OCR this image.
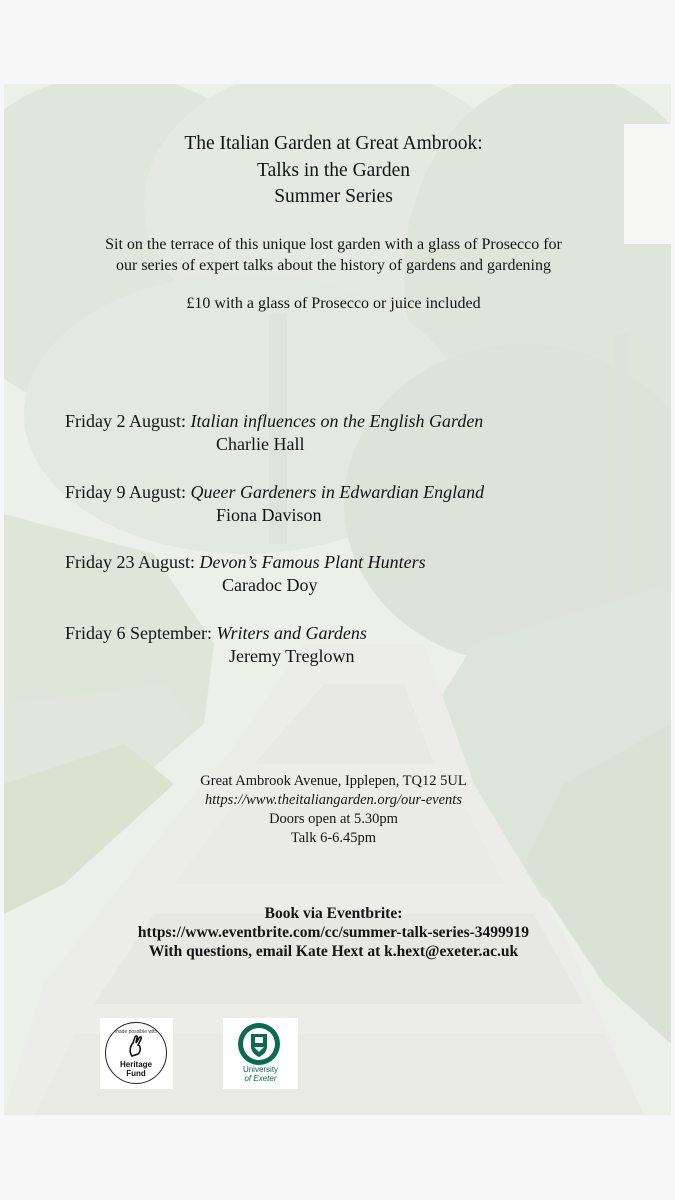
The Italian Garden at Great Ambrook:
Talks in the Garden
Summer Series
Sit on the terrace of this unique lost garden with a glass of Prosecco for
our series of expert talks about the history of gardens and gardening
£10 with a glass of Prosecco or juice included
Friday 2 August: Italian influences on the English Garden
Charlie Hall
Friday 9 August: Queer Gardeners in Edwardian England
Fiona Davison
Friday 23 August: Devon’s Famous Plant Hunters
Caradoc Doy
Friday 6 September: Writers and Gardens
Jeremy Treglown
Great Ambrook Avenue, Ipplepen, TQ12 5UL
https://www.theitaliangarden.org/our-events
Doors open at 5.30pm
Talk 6-6.45pm
Book via Eventbrite:
https://www.eventbrite.com/cc/summer-talk-series-3499919
With questions, email Kate Hext at k.hext@exeter.ac.uk
made possible with
Heritage
Fund	University
of Exeter
